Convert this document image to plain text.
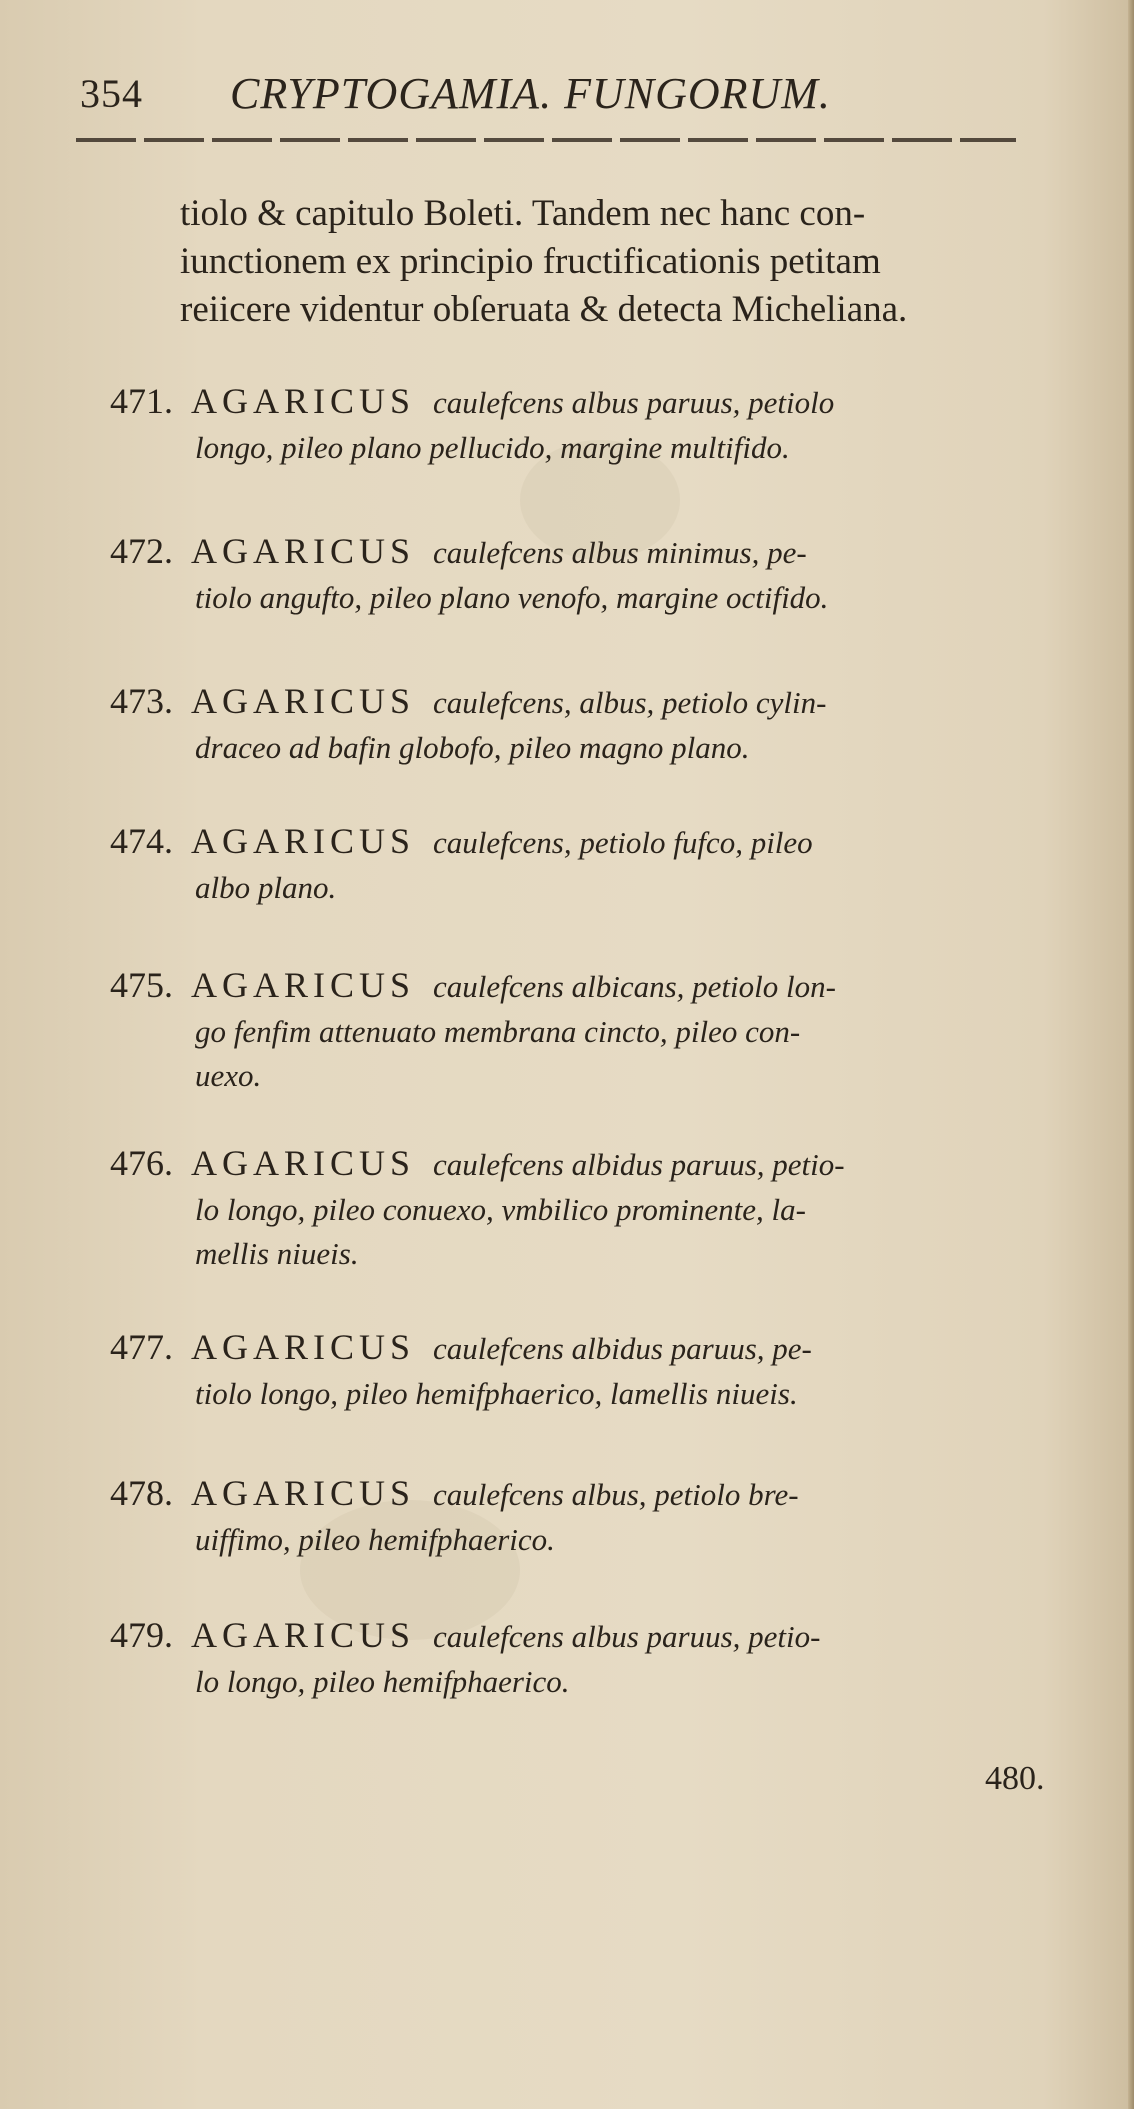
354 CRYPTOGAMIA. FUNGORUM.
tiolo & capitulo Boleti. Tandem nec hanc con-
iunctionem ex principio fructificationis petitam
reiicere videntur obſeruata & detecta Micheliana.
471. AGARICUS caulefcens albus paruus, petiolo
longo, pileo plano pellucido, margine multifido.
472. AGARICUS caulefcens albus minimus, pe-
tiolo angufto, pileo plano venofo, margine octifido.
473. AGARICUS caulefcens, albus, petiolo cylin-
draceo ad bafin globofo, pileo magno plano.
474. AGARICUS caulefcens, petiolo fufco, pileo
albo plano.
475. AGARICUS caulefcens albicans, petiolo lon-
go fenfim attenuato membrana cincto, pileo con-
uexo.
476. AGARICUS caulefcens albidus paruus, petio-
lo longo, pileo conuexo, vmbilico prominente, la-
mellis niueis.
477. AGARICUS caulefcens albidus paruus, pe-
tiolo longo, pileo hemifphaerico, lamellis niueis.
478. AGARICUS caulefcens albus, petiolo bre-
uiffimo, pileo hemifphaerico.
479. AGARICUS caulefcens albus paruus, petio-
lo longo, pileo hemifphaerico.
480.
